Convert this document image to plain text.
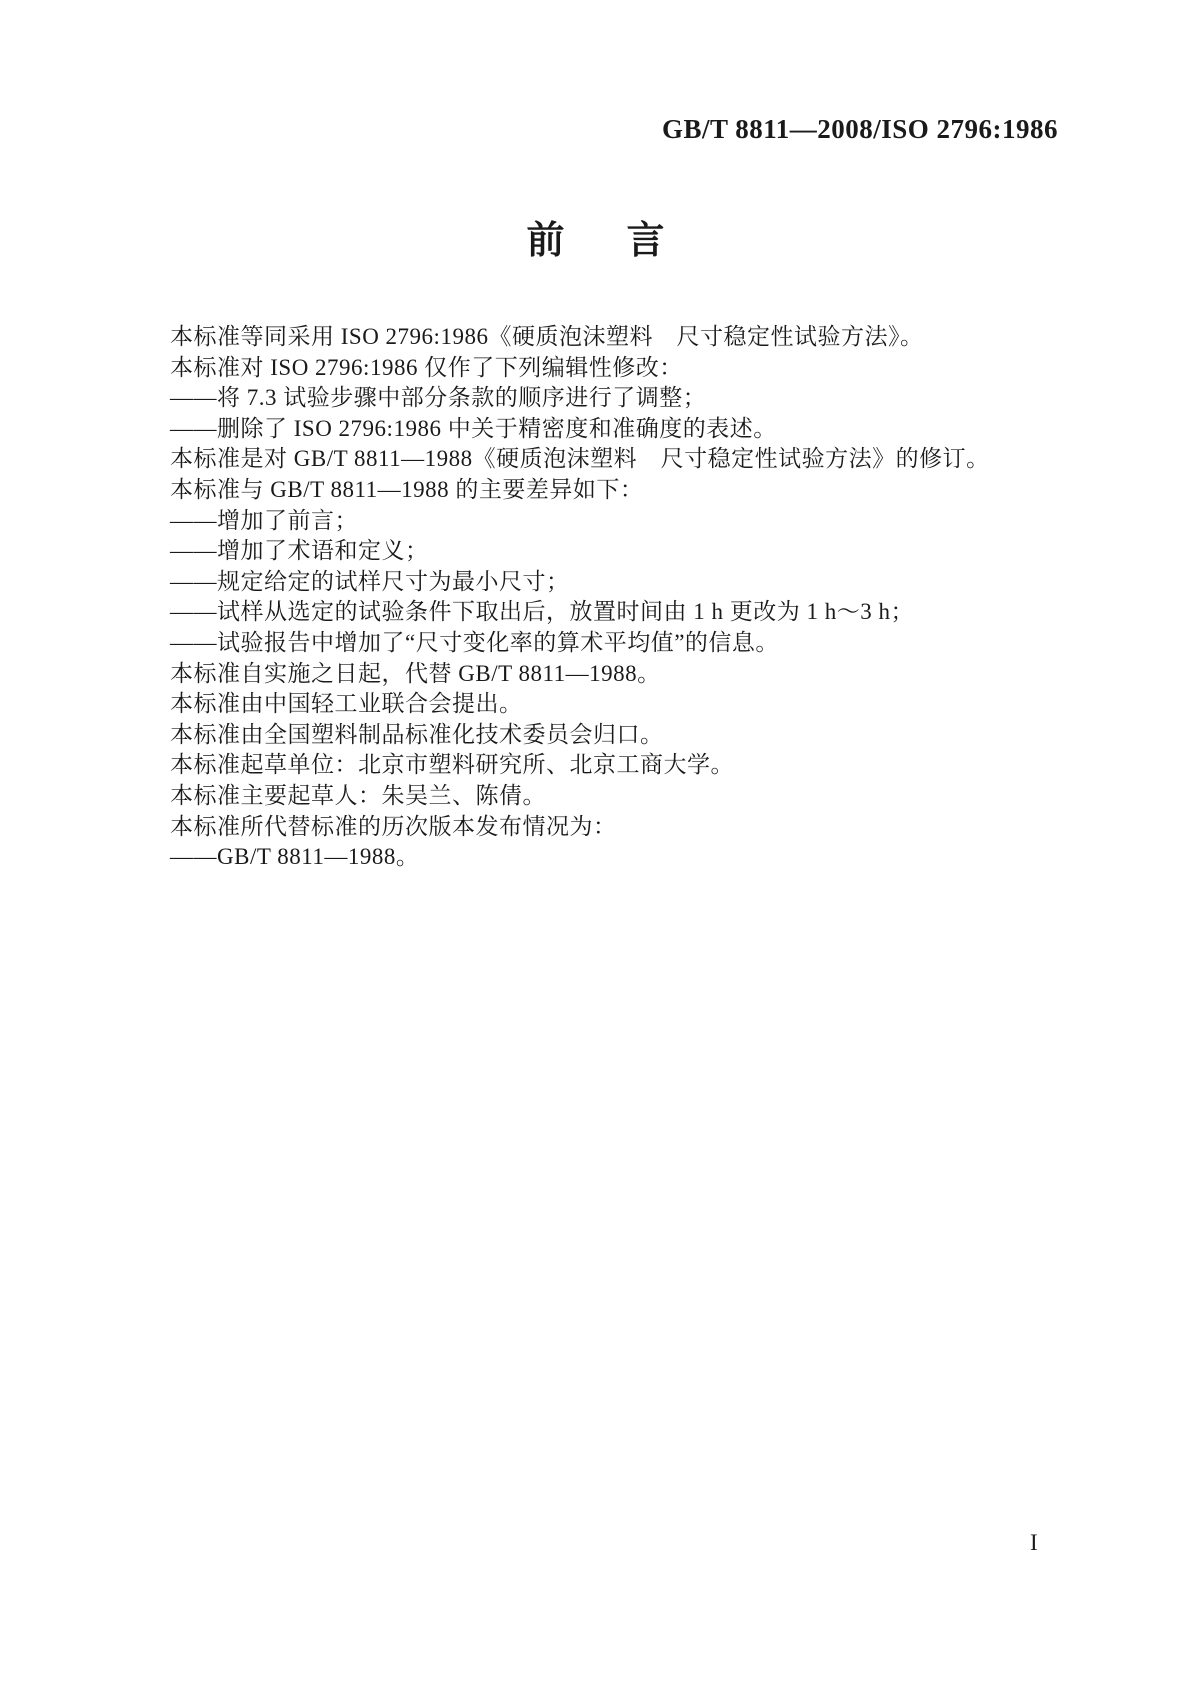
GB/T 8811—2008/ISO 2796:1986
前 言

本标准等同采用 ISO 2796:1986《硬质泡沫塑料　尺寸稳定性试验方法》。

本标准对 ISO 2796:1986 仅作了下列编辑性修改：

——将 7.3 试验步骤中部分条款的顺序进行了调整；

——删除了 ISO 2796:1986 中关于精密度和准确度的表述。

本标准是对 GB/T 8811—1988《硬质泡沫塑料　尺寸稳定性试验方法》的修订。

本标准与 GB/T 8811—1988 的主要差异如下：

——增加了前言；

——增加了术语和定义；

——规定给定的试样尺寸为最小尺寸；

——试样从选定的试验条件下取出后，放置时间由 1 h 更改为 1 h～3 h；

——试验报告中增加了“尺寸变化率的算术平均值”的信息。

本标准自实施之日起，代替 GB/T 8811—1988。

本标准由中国轻工业联合会提出。

本标准由全国塑料制品标准化技术委员会归口。

本标准起草单位：北京市塑料研究所、北京工商大学。

本标准主要起草人：朱吴兰、陈倩。

本标准所代替标准的历次版本发布情况为：

——GB/T 8811—1988。

I
